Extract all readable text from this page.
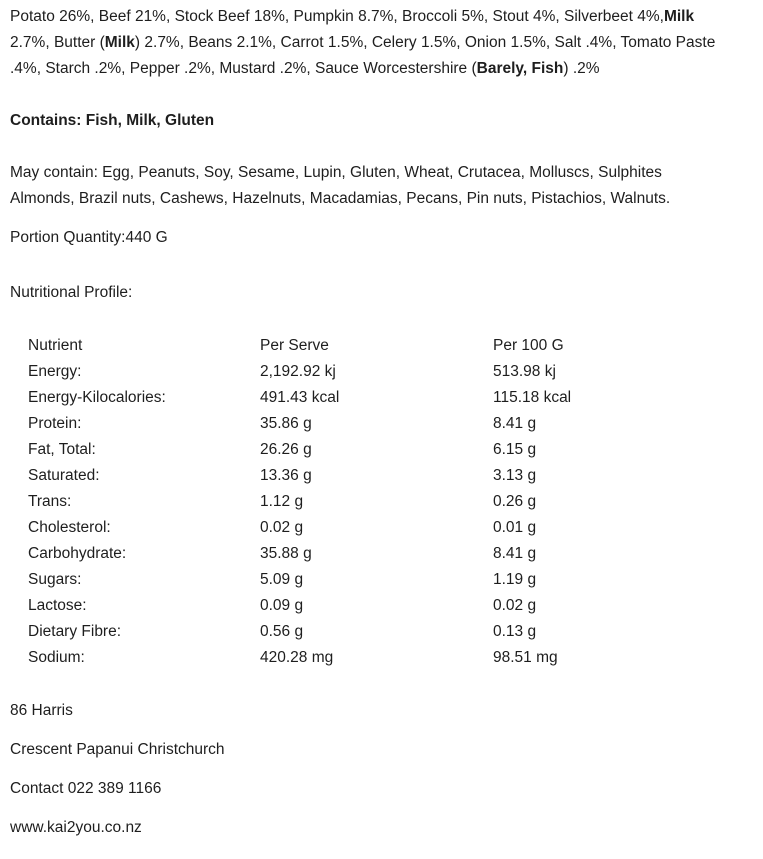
Potato 26%, Beef 21%, Stock Beef 18%, Pumpkin 8.7%, Broccoli 5%, Stout 4%, Silverbeet 4%,Milk
2.7%, Butter (Milk) 2.7%, Beans 2.1%, Carrot 1.5%, Celery 1.5%, Onion 1.5%, Salt .4%, Tomato Paste
.4%, Starch .2%, Pepper .2%, Mustard .2%, Sauce Worcestershire (Barely, Fish) .2%

Contains: Fish, Milk, Gluten

May contain: Egg, Peanuts, Soy, Sesame, Lupin, Gluten, Wheat, Crutacea, Molluscs, Sulphites
Almonds, Brazil nuts, Cashews, Hazelnuts, Macadamias, Pecans, Pin nuts, Pistachios, Walnuts.

Portion Quantity:440 G

Nutritional Profile:

Nutrient	Per Serve	Per 100 G
Energy:	2,192.92 kj	513.98 kj
Energy-Kilocalories:	491.43 kcal	115.18 kcal
Protein:	35.86 g	8.41 g
Fat, Total:	26.26 g	6.15 g
Saturated:	13.36 g	3.13 g
Trans:	1.12 g	0.26 g
Cholesterol:	0.02 g	0.01 g
Carbohydrate:	35.88 g	8.41 g
Sugars:	5.09 g	1.19 g
Lactose:	0.09 g	0.02 g
Dietary Fibre:	0.56 g	0.13 g
Sodium:	420.28 mg	98.51 mg

86 Harris

Crescent Papanui Christchurch

Contact 022 389 1166

www.kai2you.co.nz
